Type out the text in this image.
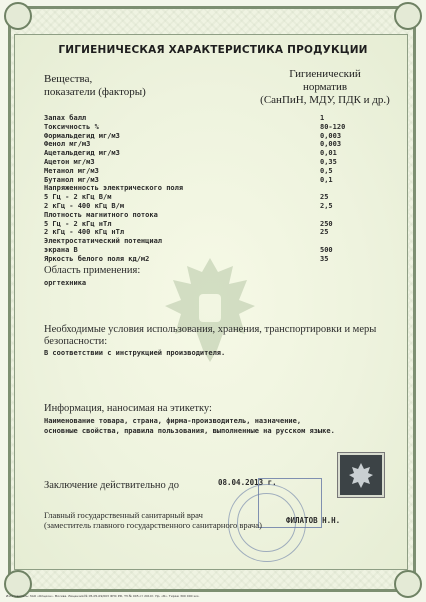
ГИГИЕНИЧЕСКАЯ ХАРАКТЕРИСТИКА ПРОДУКЦИИ
Вещества,
показатели (факторы)
Гигиенический
норматив
(СанПиН, МДУ, ПДК и др.)
Запах балл	1
Токсичность %	80-120
Формальдегид мг/м3	0,003
Фенол мг/м3	0,003
Ацетальдегид мг/м3	0,01
Ацетон мг/м3	0,35
Метанол мг/м3	0,5
Бутанол мг/м3	0,1
Напряженность электрического поля
5 Гц - 2 кГц В/м	25
2 кГц - 400 кГц В/м	2,5
Плотность магнитного потока
5 Гц - 2 кГц нТл	250
2 кГц - 400 кГц нТл	25
Электростатический потенциал
экрана В	500
Яркость белого поля кд/м2	35
Область применения:
оргтехника
Необходимые условия использования, хранения, транспортировки и меры
безопасности:
В соответствии с инструкцией производителя.
Информация, наносимая на этикетку:
Наименование товара, страна, фирма-производитель, назначение,
основные свойства, правила пользования, выполненные на русском языке.
Заключение действительно до	08.04.2013 г.
Главный государственный санитарный врач
(заместитель главного государственного санитарного врача)	ФИЛАТОВ Н.Н.
Изготовитель: ЗАО «Опцион». Москва. Лицензия № 05-05-09/003 ФНС РФ, ТЗ № 005 от 2010г. Пр. «Б». Тираж 300 000 экз.
